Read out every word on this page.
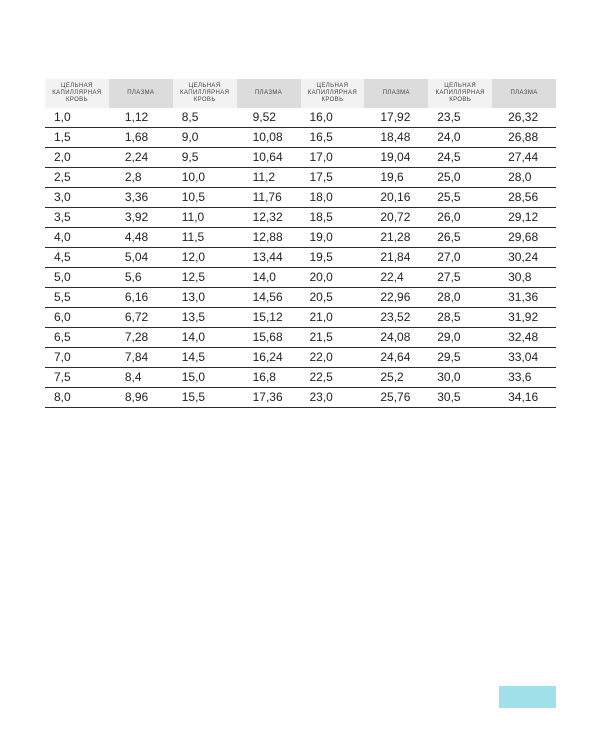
ЦЕЛЬНАЯ КАПИЛЛЯРНАЯ КРОВЬ	ПЛАЗМА	ЦЕЛЬНАЯ КАПИЛЛЯРНАЯ КРОВЬ	ПЛАЗМА	ЦЕЛЬНАЯ КАПИЛЛЯРНАЯ КРОВЬ	ПЛАЗМА	ЦЕЛЬНАЯ КАПИЛЛЯРНАЯ КРОВЬ	ПЛАЗМА
1,0	1,12	8,5	9,52	16,0	17,92	23,5	26,32
1,5	1,68	9,0	10,08	16,5	18,48	24,0	26,88
2,0	2,24	9,5	10,64	17,0	19,04	24,5	27,44
2,5	2,8	10,0	11,2	17,5	19,6	25,0	28,0
3,0	3,36	10,5	11,76	18,0	20,16	25,5	28,56
3,5	3,92	11,0	12,32	18,5	20,72	26,0	29,12
4,0	4,48	11,5	12,88	19,0	21,28	26,5	29,68
4,5	5,04	12,0	13,44	19,5	21,84	27,0	30,24
5,0	5,6	12,5	14,0	20,0	22,4	27,5	30,8
5,5	6,16	13,0	14,56	20,5	22,96	28,0	31,36
6,0	6,72	13,5	15,12	21,0	23,52	28,5	31,92
6,5	7,28	14,0	15,68	21,5	24,08	29,0	32,48
7,0	7,84	14,5	16,24	22,0	24,64	29,5	33,04
7,5	8,4	15,0	16,8	22,5	25,2	30,0	33,6
8,0	8,96	15,5	17,36	23,0	25,76	30,5	34,16
